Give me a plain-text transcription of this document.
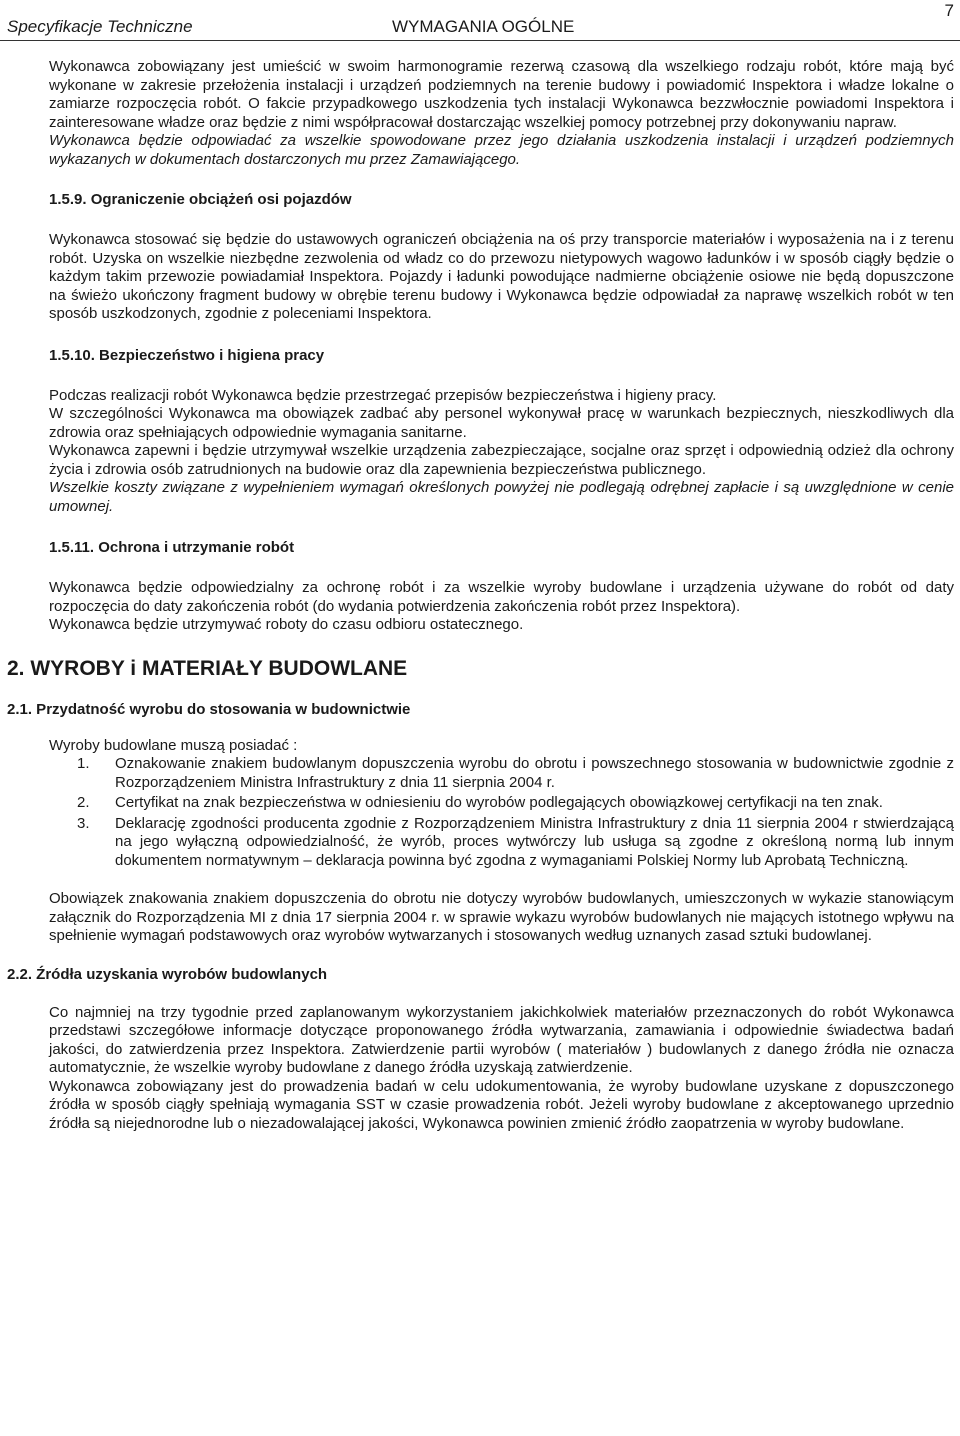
Specyfikacje Techniczne	WYMAGANIA OGÓLNE
7

Wykonawca zobowiązany jest umieścić w swoim harmonogramie rezerwą czasową dla wszelkiego rodzaju robót, które mają być wykonane w zakresie przełożenia instalacji i urządzeń podziemnych na terenie budowy i powiadomić Inspektora i władze lokalne o zamiarze rozpoczęcia robót. O fakcie przypadkowego uszkodzenia tych instalacji Wykonawca bezzwłocznie powiadomi Inspektora i zainteresowane władze oraz będzie z nimi współpracował dostarczając wszelkiej pomocy potrzebnej przy dokonywaniu napraw.

Wykonawca będzie odpowiadać za wszelkie spowodowane przez jego działania uszkodzenia instalacji i urządzeń podziemnych wykazanych w dokumentach dostarczonych mu przez Zamawiającego.

1.5.9. Ograniczenie obciążeń osi pojazdów

Wykonawca stosować się będzie do ustawowych ograniczeń obciążenia na oś przy transporcie materiałów i wyposażenia na i z terenu robót. Uzyska on wszelkie niezbędne zezwolenia od władz co do przewozu nietypowych wagowo ładunków i w sposób ciągły będzie o każdym takim przewozie powiadamiał Inspektora. Pojazdy i ładunki powodujące nadmierne obciążenie osiowe nie będą dopuszczone na świeżo ukończony fragment budowy w obrębie terenu budowy i Wykonawca będzie odpowiadał za naprawę wszelkich robót w ten sposób uszkodzonych, zgodnie z poleceniami Inspektora.

1.5.10. Bezpieczeństwo i higiena pracy

Podczas realizacji robót Wykonawca będzie przestrzegać przepisów bezpieczeństwa i higieny pracy.

W szczególności Wykonawca ma obowiązek zadbać aby personel wykonywał pracę w warunkach bezpiecznych, nieszkodliwych dla zdrowia oraz spełniających odpowiednie wymagania sanitarne.

Wykonawca zapewni i będzie utrzymywał wszelkie urządzenia zabezpieczające, socjalne oraz sprzęt i odpowiednią odzież dla ochrony życia i zdrowia osób zatrudnionych na budowie oraz dla zapewnienia bezpieczeństwa publicznego.

Wszelkie koszty związane z wypełnieniem wymagań określonych powyżej nie podlegają odrębnej zapłacie i są uwzględnione w cenie umownej.

1.5.11. Ochrona i utrzymanie robót

Wykonawca będzie odpowiedzialny za ochronę robót i za wszelkie wyroby budowlane i urządzenia używane do robót od daty rozpoczęcia do daty zakończenia robót (do wydania potwierdzenia zakończenia robót przez Inspektora).

Wykonawca będzie utrzymywać roboty do czasu odbioru ostatecznego.

2. WYROBY i MATERIAŁY BUDOWLANE
2.1. Przydatność wyrobu do stosowania w budownictwie

Wyroby budowlane muszą posiadać :

1. Oznakowanie znakiem budowlanym dopuszczenia wyrobu do obrotu i powszechnego stosowania w budownictwie zgodnie z Rozporządzeniem Ministra Infrastruktury z dnia 11 sierpnia 2004 r.
2. Certyfikat na znak bezpieczeństwa w odniesieniu do wyrobów podlegających obowiązkowej certyfikacji na ten znak.
3. Deklarację zgodności producenta zgodnie z Rozporządzeniem Ministra Infrastruktury z dnia 11 sierpnia 2004 r stwierdzającą na jego wyłączną odpowiedzialność, że wyrób, proces wytwórczy lub usługa są zgodne z określoną normą lub innym dokumentem normatywnym – deklaracja powinna być zgodna z wymaganiami Polskiej Normy lub Aprobatą Techniczną.

Obowiązek znakowania znakiem dopuszczenia do obrotu nie dotyczy wyrobów budowlanych, umieszczonych w wykazie stanowiącym załącznik do Rozporządzenia MI z dnia 17 sierpnia 2004 r. w sprawie wykazu wyrobów budowlanych nie mających istotnego wpływu na spełnienie wymagań podstawowych oraz wyrobów wytwarzanych i stosowanych według uznanych zasad sztuki budowlanej.

2.2. Źródła uzyskania wyrobów budowlanych

Co najmniej na trzy tygodnie przed zaplanowanym wykorzystaniem jakichkolwiek materiałów przeznaczonych do robót Wykonawca przedstawi szczegółowe informacje dotyczące proponowanego źródła wytwarzania, zamawiania i odpowiednie świadectwa badań jakości, do zatwierdzenia przez Inspektora. Zatwierdzenie partii wyrobów ( materiałów ) budowlanych z danego źródła nie oznacza automatycznie, że wszelkie wyroby budowlane z danego źródła uzyskają zatwierdzenie.

Wykonawca zobowiązany jest do prowadzenia badań w celu udokumentowania, że wyroby budowlane uzyskane z dopuszczonego źródła w sposób ciągły spełniają wymagania SST w czasie prowadzenia robót. Jeżeli wyroby budowlane z akceptowanego uprzednio źródła są niejednorodne lub o niezadowalającej jakości, Wykonawca powinien zmienić źródło zaopatrzenia w wyroby budowlane.
